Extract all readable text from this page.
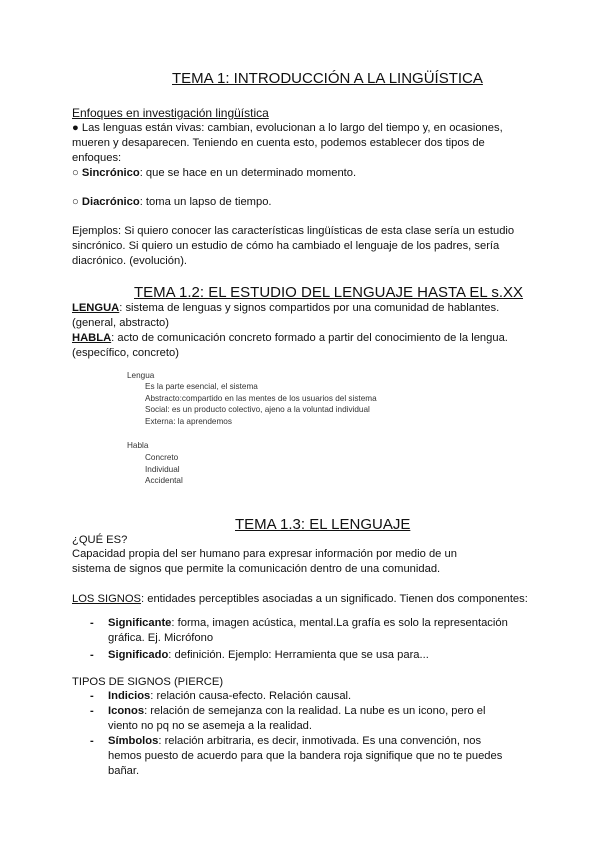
TEMA 1: INTRODUCCIÓN A LA LINGÜÍSTICA
Enfoques en investigación lingüística
● Las lenguas están vivas: cambian, evolucionan a lo largo del tiempo y, en ocasiones, mueren y desaparecen. Teniendo en cuenta esto, podemos establecer dos tipos de enfoques:
○ Sincrónico: que se hace en un determinado momento.
○ Diacrónico: toma un lapso de tiempo.
Ejemplos: Si quiero conocer las características lingüísticas de esta clase sería un estudio sincrónico. Si quiero un estudio de cómo ha cambiado el lenguaje de los padres, sería diacrónico. (evolución).
TEMA 1.2: EL ESTUDIO DEL LENGUAJE HASTA EL s.XX
LENGUA: sistema de lenguas y signos compartidos por una comunidad de hablantes. (general, abstracto)
HABLA: acto de comunicación concreto formado a partir del conocimiento de la lengua. (específico, concreto)
Lengua
Es la parte esencial, el sistema
Abstracto:compartido en las mentes de los usuarios del sistema
Social: es un producto colectivo, ajeno a la voluntad individual
Externa: la aprendemos
Habla
Concreto
Individual
Accidental
TEMA 1.3: EL LENGUAJE
¿QUÉ ES?
Capacidad propia del ser humano para expresar información por medio de un sistema de signos que permite la comunicación dentro de una comunidad.
LOS SIGNOS: entidades perceptibles asociadas a un significado. Tienen dos componentes:
- Significante: forma, imagen acústica, mental.La grafía es solo la representación gráfica. Ej. Micrófono
- Significado: definición. Ejemplo: Herramienta que se usa para...
TIPOS DE SIGNOS (PIERCE)
- Indicios: relación causa-efecto. Relación causal.
- Iconos: relación de semejanza con la realidad. La nube es un icono, pero el viento no pq no se asemeja a la realidad.
- Símbolos: relación arbitraria, es decir, inmotivada. Es una convención, nos hemos puesto de acuerdo para que la bandera roja signifique que no te puedes bañar.
